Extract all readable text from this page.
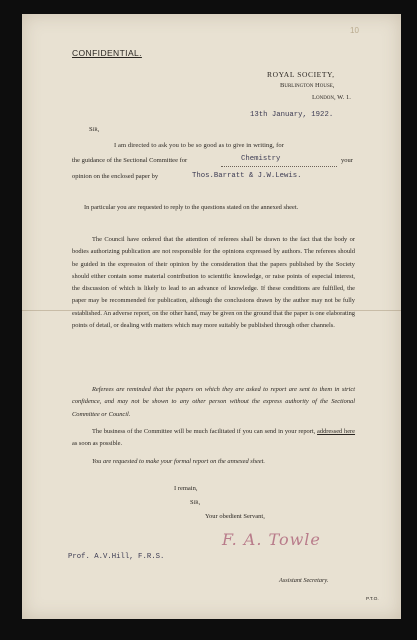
10
CONFIDENTIAL.
ROYAL SOCIETY,
Burlington House,
London, W. 1.
13th January, 1922.
Sir,
I am directed to ask you to be so good as to give in writing, for
the guidance of the Sectional Committee for	Chemistry	your
opinion on the enclosed paper by	Thos.Barratt & J.W.Lewis.
In particular you are requested to reply to the questions stated on the annexed sheet.
The Council have ordered that the attention of referees shall be drawn to the fact that the body or bodies authorizing publication are not responsible for the opinions expressed by authors. The referees should be guided in the expression of their opinion by the consideration that the papers published by the Society should either contain some material contribution to scientific knowledge, or raise points of especial interest, the discussion of which is likely to lead to an advance of knowledge. If these conditions are fulfilled, the paper may be recommended for publication, although the conclusions drawn by the author may not be fully established. An adverse report, on the other hand, may be given on the ground that the paper is one elaborating points of detail, or dealing with matters which may more suitably be published through other channels.
Referees are reminded that the papers on which they are asked to report are sent to them in strict confidence, and may not be shown to any other person without the express authority of the Sectional Committee or Council.
The business of the Committee will be much facilitated if you can send in your report, addressed here as soon as possible.
You are requested to make your formal report on the annexed sheet.
I remain,
Sir,
Your obedient Servant,
Prof. A.V.Hill, F.R.S.
Assistant Secretary.
P.T.O.
F. A. Towle
